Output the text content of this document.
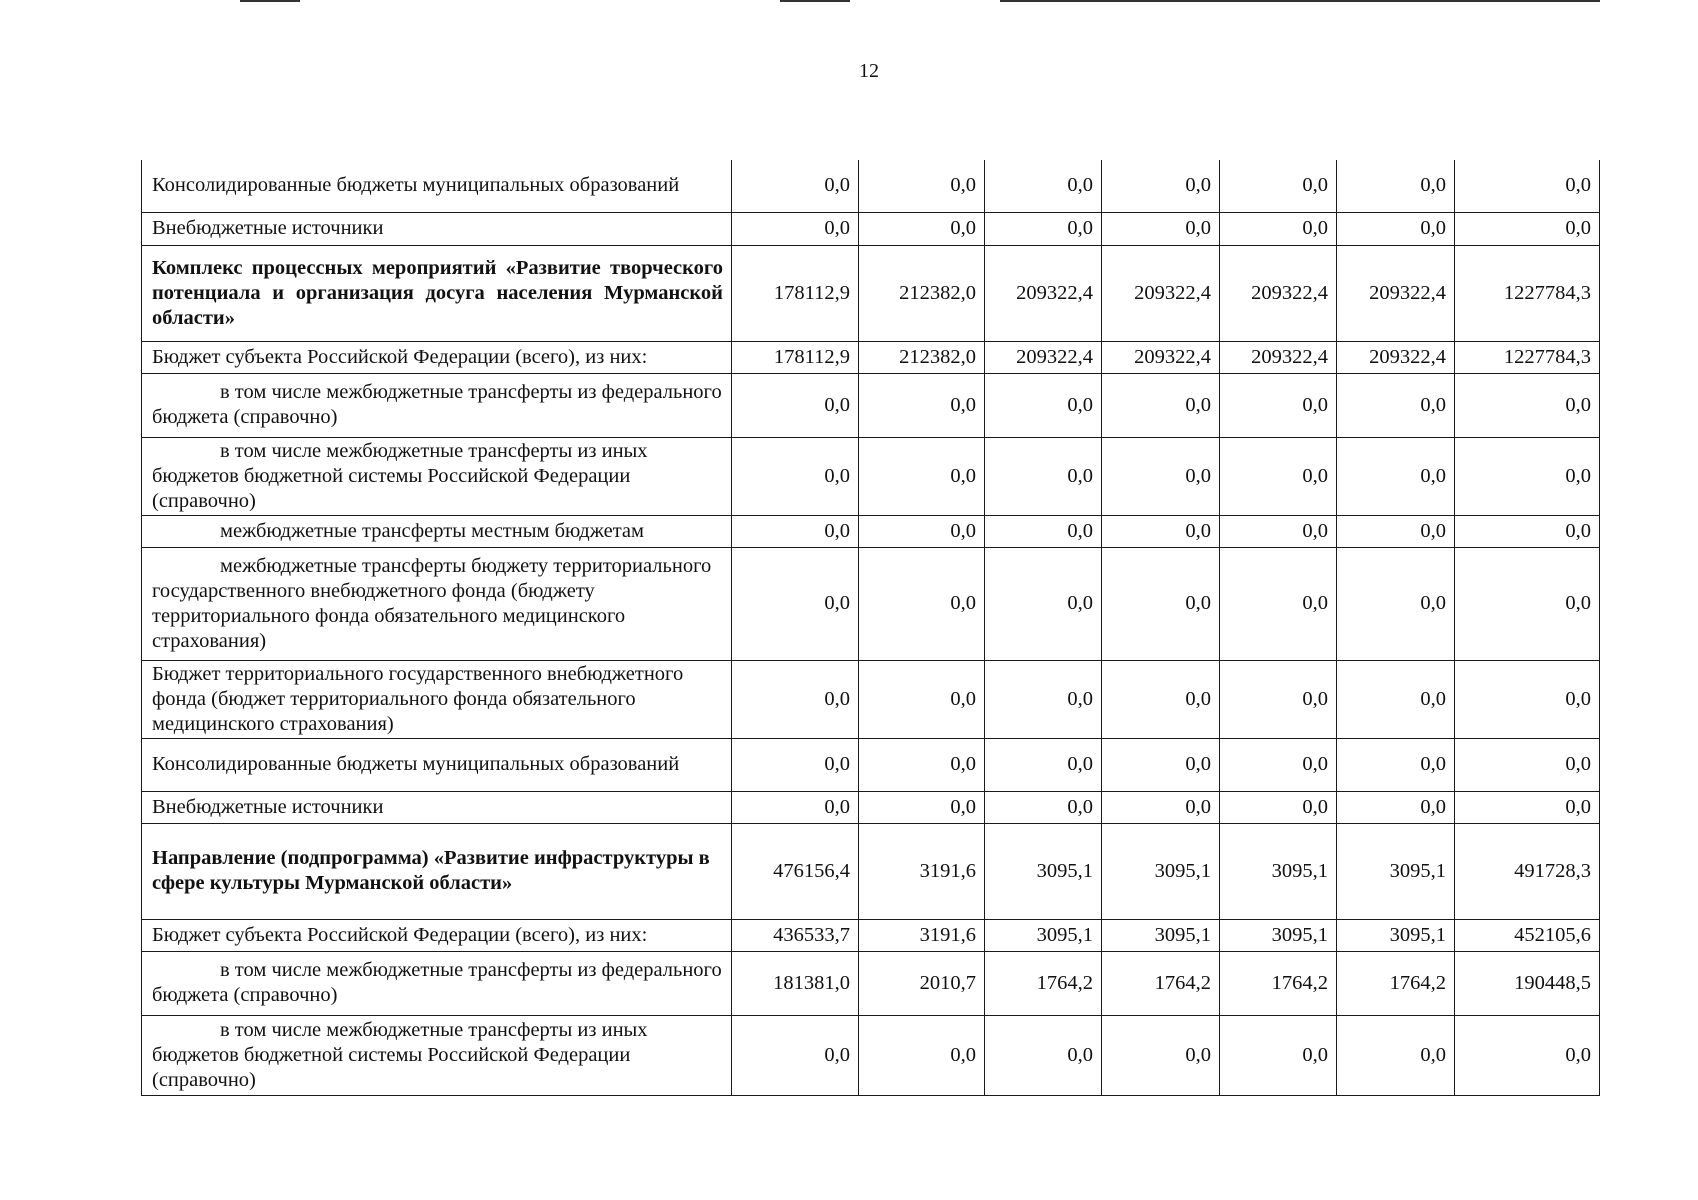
12
Консолидированные бюджеты муниципальных образований	0,0	0,0	0,0	0,0	0,0	0,0	0,0
Внебюджетные источники	0,0	0,0	0,0	0,0	0,0	0,0	0,0
Комплекс процессных мероприятий «Развитие творческого потенциала и организация досуга населения Мурманской области»	178112,9	212382,0	209322,4	209322,4	209322,4	209322,4	1227784,3
Бюджет субъекта Российской Федерации (всего), из них:	178112,9	212382,0	209322,4	209322,4	209322,4	209322,4	1227784,3
в том числе межбюджетные трансферты из федерального бюджета (справочно)	0,0	0,0	0,0	0,0	0,0	0,0	0,0
в том числе межбюджетные трансферты из иных бюджетов бюджетной системы Российской Федерации (справочно)	0,0	0,0	0,0	0,0	0,0	0,0	0,0
межбюджетные трансферты местным бюджетам	0,0	0,0	0,0	0,0	0,0	0,0	0,0
межбюджетные трансферты бюджету территориального государственного внебюджетного фонда (бюджету территориального фонда обязательного медицинского страхования)	0,0	0,0	0,0	0,0	0,0	0,0	0,0
Бюджет территориального государственного внебюджетного фонда (бюджет территориального фонда обязательного медицинского страхования)	0,0	0,0	0,0	0,0	0,0	0,0	0,0
Консолидированные бюджеты муниципальных образований	0,0	0,0	0,0	0,0	0,0	0,0	0,0
Внебюджетные источники	0,0	0,0	0,0	0,0	0,0	0,0	0,0
Направление (подпрограмма) «Развитие инфраструктуры в сфере культуры Мурманской области»	476156,4	3191,6	3095,1	3095,1	3095,1	3095,1	491728,3
Бюджет субъекта Российской Федерации (всего), из них:	436533,7	3191,6	3095,1	3095,1	3095,1	3095,1	452105,6
в том числе межбюджетные трансферты из федерального бюджета (справочно)	181381,0	2010,7	1764,2	1764,2	1764,2	1764,2	190448,5
в том числе межбюджетные трансферты из иных бюджетов бюджетной системы Российской Федерации (справочно)	0,0	0,0	0,0	0,0	0,0	0,0	0,0
